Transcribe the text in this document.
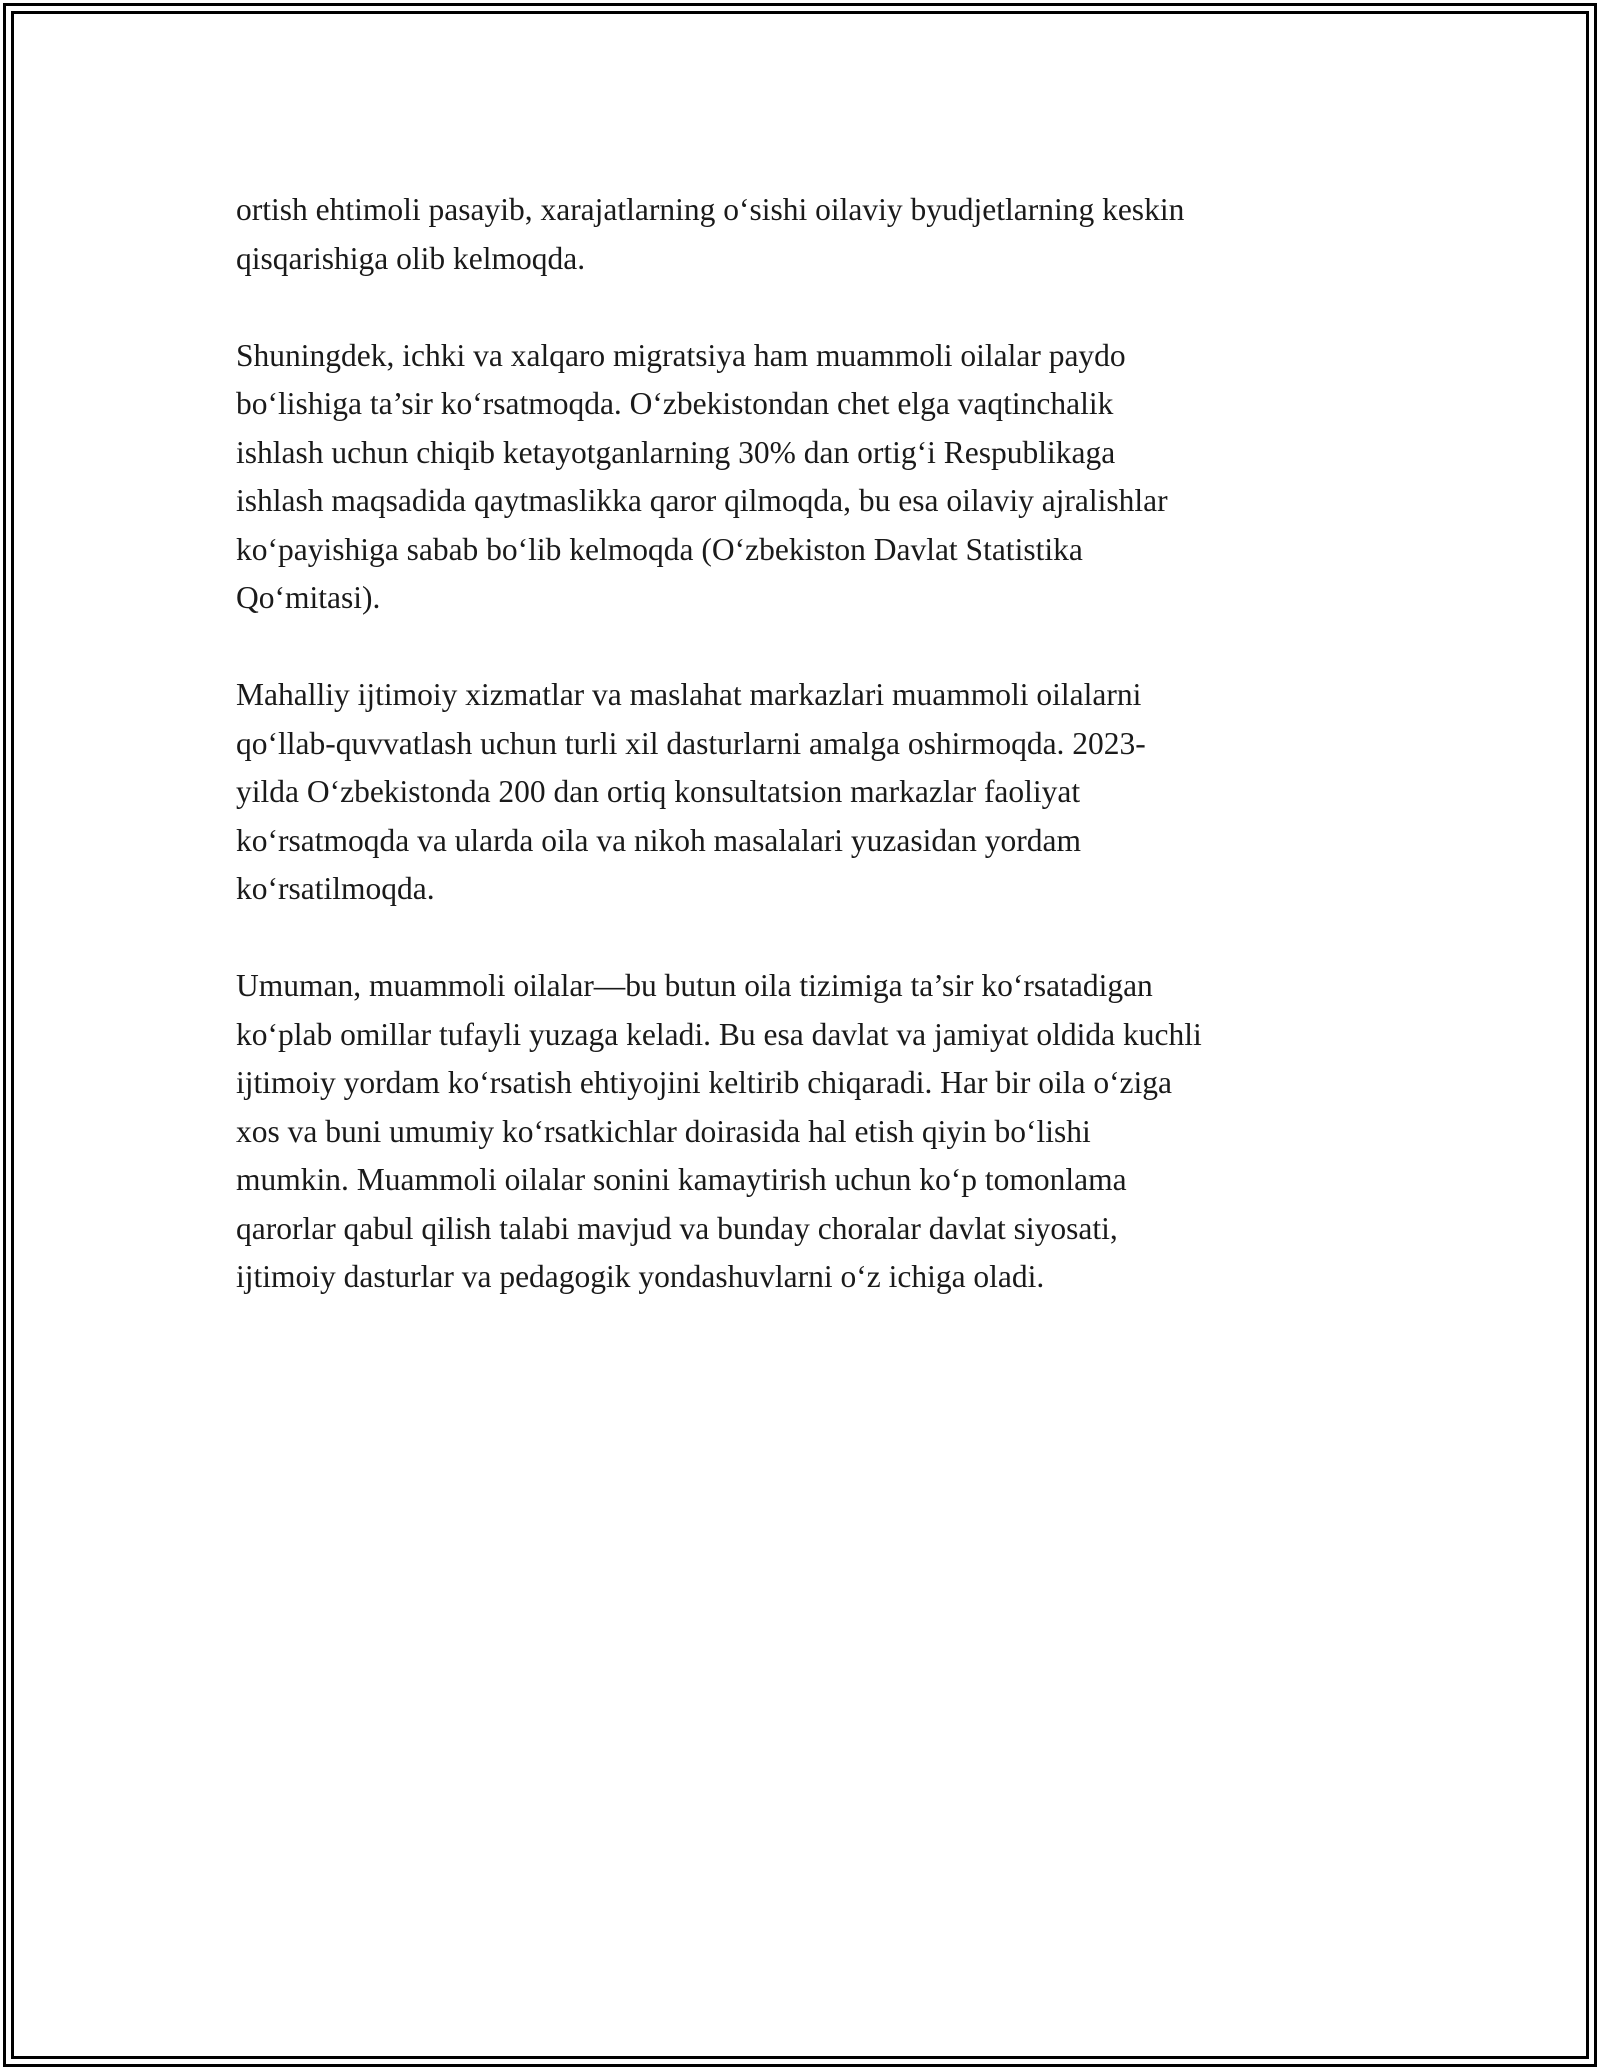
ortish ehtimoli pasayib, xarajatlarning o‘sishi oilaviy byudjetlarning keskin
qisqarishiga olib kelmoqda.

Shuningdek, ichki va xalqaro migratsiya ham muammoli oilalar paydo
bo‘lishiga ta’sir ko‘rsatmoqda. O‘zbekistondan chet elga vaqtinchalik
ishlash uchun chiqib ketayotganlarning 30% dan ortig‘i Respublikaga
ishlash maqsadida qaytmaslikka qaror qilmoqda, bu esa oilaviy ajralishlar
ko‘payishiga sabab bo‘lib kelmoqda (O‘zbekiston Davlat Statistika
Qo‘mitasi).

Mahalliy ijtimoiy xizmatlar va maslahat markazlari muammoli oilalarni
qo‘llab-quvvatlash uchun turli xil dasturlarni amalga oshirmoqda. 2023-
yilda O‘zbekistonda 200 dan ortiq konsultatsion markazlar faoliyat
ko‘rsatmoqda va ularda oila va nikoh masalalari yuzasidan yordam
ko‘rsatilmoqda.

Umuman, muammoli oilalar—bu butun oila tizimiga ta’sir ko‘rsatadigan
ko‘plab omillar tufayli yuzaga keladi. Bu esa davlat va jamiyat oldida kuchli
ijtimoiy yordam ko‘rsatish ehtiyojini keltirib chiqaradi. Har bir oila o‘ziga
xos va buni umumiy ko‘rsatkichlar doirasida hal etish qiyin bo‘lishi
mumkin. Muammoli oilalar sonini kamaytirish uchun ko‘p tomonlama
qarorlar qabul qilish talabi mavjud va bunday choralar davlat siyosati,
ijtimoiy dasturlar va pedagogik yondashuvlarni o‘z ichiga oladi.
